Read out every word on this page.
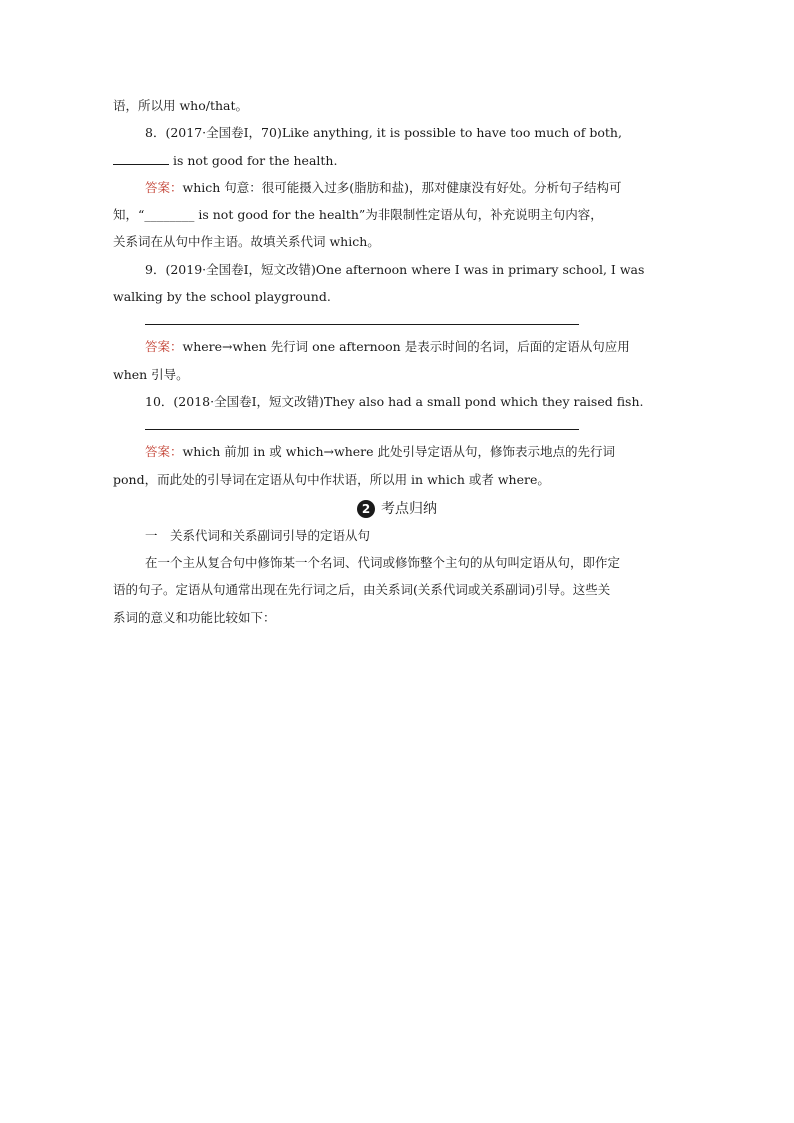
语，所以用 who/that。
8．(2017·全国卷Ⅰ，70)Like anything, it is possible to have too much of both,
is not good for the health.
答案：which 句意：很可能摄入过多(脂肪和盐)，那对健康没有好处。分析句子结构可
知，“________ is not good for the health”为非限制性定语从句，补充说明主句内容，
关系词在从句中作主语。故填关系代词 which。
9．(2019·全国卷Ⅰ，短文改错)One afternoon where I was in primary school, I was
walking by the school playground.
答案：where→when 先行词 one afternoon 是表示时间的名词，后面的定语从句应用
when 引导。
10．(2018·全国卷Ⅰ，短文改错)They also had a small pond which they raised fish.
答案：which 前加 in 或 which→where 此处引导定语从句，修饰表示地点的先行词
pond，而此处的引导词在定语从句中作状语，所以用 in which 或者 where。
2 考点归纳
一　关系代词和关系副词引导的定语从句
在一个主从复合句中修饰某一个名词、代词或修饰整个主句的从句叫定语从句，即作定
语的句子。定语从句通常出现在先行词之后，由关系词(关系代词或关系副词)引导。这些关
系词的意义和功能比较如下：
